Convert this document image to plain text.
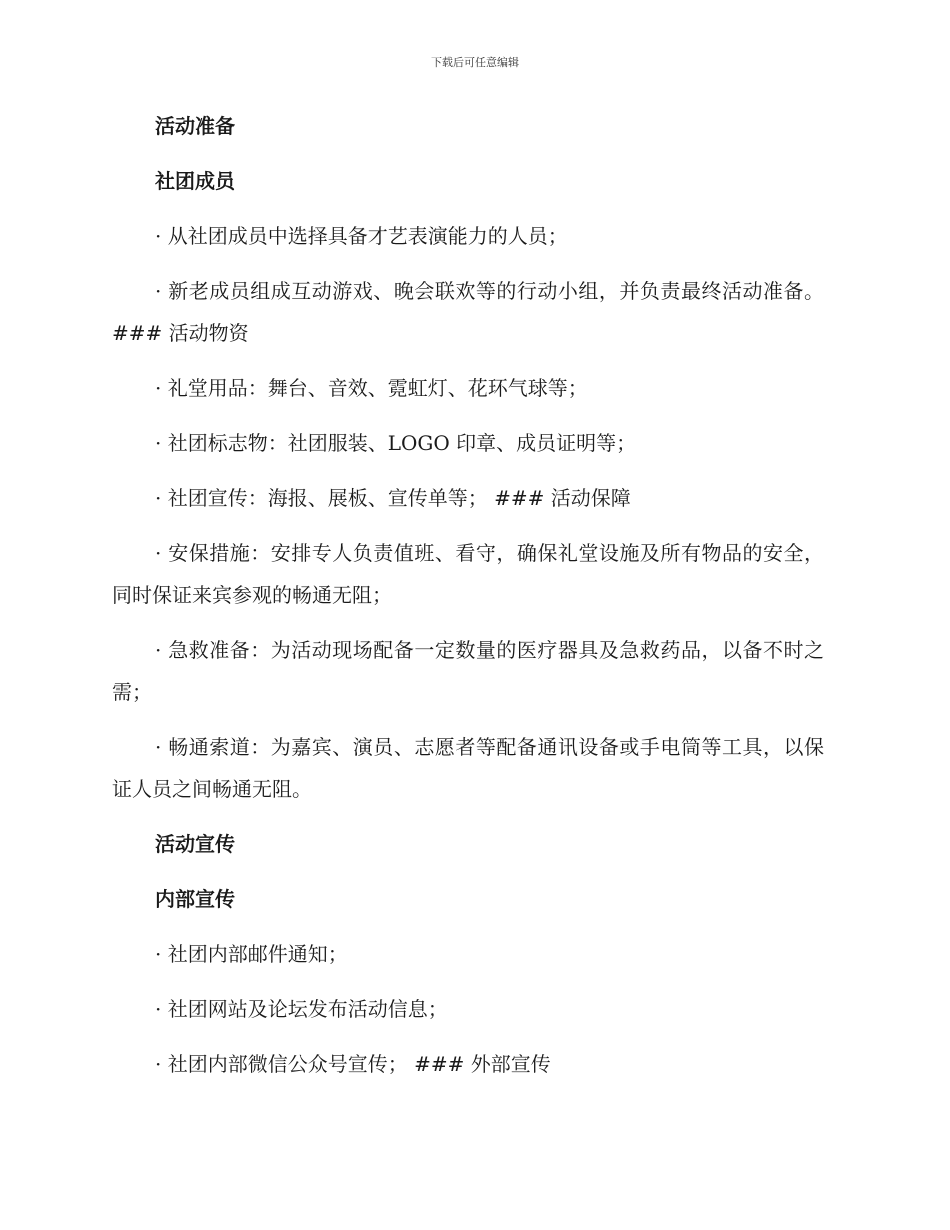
下载后可任意编辑
活动准备
社团成员
· 从社团成员中选择具备才艺表演能力的人员；
· 新老成员组成互动游戏、晚会联欢等的行动小组，并负责最终活动准备。 ### 活动物资
· 礼堂用品：舞台、音效、霓虹灯、花环气球等；
· 社团标志物：社团服装、LOGO 印章、成员证明等；
· 社团宣传：海报、展板、宣传单等； ### 活动保障
· 安保措施：安排专人负责值班、看守，确保礼堂设施及所有物品的安全，同时保证来宾参观的畅通无阻；
· 急救准备：为活动现场配备一定数量的医疗器具及急救药品，以备不时之需；
· 畅通索道：为嘉宾、演员、志愿者等配备通讯设备或手电筒等工具，以保证人员之间畅通无阻。
活动宣传
内部宣传
· 社团内部邮件通知；
· 社团网站及论坛发布活动信息；
· 社团内部微信公众号宣传； ### 外部宣传
